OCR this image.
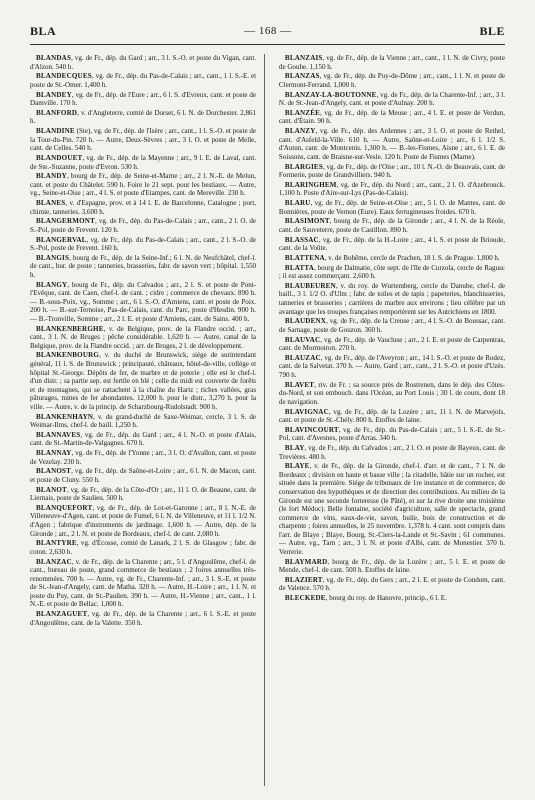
BLA	— 168 —	BLE

BLANDAS, vg. de Fr., dép. du Gard ; arr., 3 l. S.-O. et poste du Vigan, cant. d'Alzon. 540 h.

BLANDECQUES, vg. de Fr., dép. du Pas-de-Calais ; arr., cant., 1 l. S.-E. et poste de St.-Omer. 1,400 h.

BLANDEY, vg. de Fr., dép. de l'Eure ; arr., 6 l. S. d'Evreux, cant. et poste de Damville. 170 h.

BLANFORD, v. d'Angleterre, comté de Dorset, 6 l. N. de Dorchester. 2,861 h.

BLANDINE (Ste), vg. de Fr., dép. de l'Isère ; arr., cant., 1 l. S.-O. et poste de la Tour-du-Pin. 720 h. — Autre, Deux-Sèvres ; arr., 3 l. O. et poste de Melle, cant. de Celles. 540 h.

BLANDOUET, vg. de Fr., dép. de la Mayenne ; arr., 9 l. E. de Laval, cant. de Ste.-Suzanne, poste d'Evron. 530 h.

BLANDY, bourg de Fr., dép. de Seine-et-Marne ; arr., 2 l. N.-E. de Melun, cant. et poste du Châtelet. 590 h. Foire le 21 sept. pour les bestiaux. — Autre, vg., Seine-et-Oise ; arr., 4 l. S. et poste d'Etampes, cant. de Mereville. 230 h.

BLANES, v. d'Espagne, prov. et à 14 l. E. de Barcelonne, Catalogne ; port, chimie, tanneries. 3,600 h.

BLANGERMONT, vg. de Fr., dép. du Pas-de-Calais ; arr., cant., 2 l. O. de S.-Pol, poste de Frevent. 120 h.

BLANGERVAL, vg. de Fr., dép. du Pas-de-Calais ; arr., cant., 2 l. S.-O. de S.-Pol, poste de Frevent. 160 h.

BLANGIS, bourg de Fr., dép. de la Seine-Inf.; 6 l. N. de Neufchâtel, chef-l. de cant., bur. de poste ; tanneries, brasseries, fabr. de savon vert ; hôpital. 1,550 h.

BLANGY, bourg de Fr., dép. du Calvados ; arr., 2 l. S. et poste de Pont-l'Evêque, cant. de Caen, chef-l. de cant. ; cidre ; commerce de chevaux. 890 h. — B.-sous-Poix, vg., Somme ; arr., 6 l. S.-O. d'Amiens, cant. et poste de Poix. 200 h. — B.-sur-Ternoise, Pas-de-Calais, cant. du Parc, poste d'Hesdin. 900 h. — B.-Tronville, Somme ; arr., 2 l. E. et poste d'Amiens, cant. de Sains. 400 h.

BLANKENBERGHE, v. de Belgique, prov. de la Flandre occid. ; arr., cant., 3 l. N. de Bruges ; pêche considérable. 1,620 h. — Autre, canal de la Belgique, prov. de la Flandre occid. ; arr. de Bruges, 2 l. de développement.

BLANKENBOURG, v. du duché de Brunswick, siége de surintendant général, 11 l. S. de Brunswick ; principauté, châteaux, hôtel-de-ville, collége et hôpital St.-George. Dépôts de fer, de marbre et de poterie ; elle est le chef-l. d'un distr. ; sa partie sep. est fertile en blé ; celle du midi est couverte de forêts et de montagnes, qui se rattachent à la chaîne du Hartz ; riches vallées, gras pâturages, mines de fer abondantes. 12,000 h. pour le distr., 3,270 h. pour la ville. — Autre, v. de la princip. de Scharzbourg-Rudolstadt. 900 h.

BLANKENHAYN, v. du grand-duché de Saxe-Weimar, cercle, 3 l. S. de Weimar-Ilms, chef-l. de baill. 1,250 h.

BLANNAVES, vg. de Fr., dép. du Gard ; arr., 4 l. N.-O. et poste d'Alais, cant. de St.-Martin-de-Valgagnes. 670 h.

BLANNAY, vg. de Fr., dép. de l'Yonne ; arr., 3 l. O. d'Avallon, cant. et poste de Vezelay. 230 h.

BLANOST, vg. de Fr., dép. de Saône-et-Loire ; arr., 6 l. N. de Macon, cant. et poste de Cluny. 550 h.

BLANOT, vg. de Fr., dép. de la Côte-d'Or ; arr., 11 l. O. de Beaune, cant. de Liernais, poste de Saulieu. 500 h.

BLANQUEFORT, vg. de Fr., dép. de Lot-et-Garonne ; arr., 8 l. N.-E. de Villeneuve-d'Agen, cant. et poste de Fumel, 6 l. N. de Villeneuve, et 11 l. 1/2 N. d'Agen ; fabrique d'instruments de jardinage. 1,600 h. — Autre, dép. de la Gironde ; arr., 2 l. N. et poste de Bordeaux, chef-l. de cant. 2,080 h.

BLANTYRE, vg. d'Écosse, comté de Lanark, 2 l. S. de Glasgow ; fabr. de coton. 2,630 h.

BLANZAC, v. de Fr., dép. de la Charente ; arr., 5 l. d'Angoulême, chef-l. de cant., bureau de poste, grand commerce de bestiaux ; 2 foires annuelles très-renommées. 700 h. — Autre, vg. de Fr., Charente-Inf. ; arr., 3 l. S.-E. et poste de St.-Jean-d'Angely, cant. de Matha. 320 h. — Autre, H.-Loire ; arr., 1 l. N. et poste du Puy, cant. de St.-Paulien. 390 h. — Autre, H.-Vienne ; arr., cant., 1 l. N.-E. et poste de Bellac. 1,000 h.

BLANZAGUET, vg. de Fr., dép. de la Charente ; arr., 6 l. S.-E. et poste d'Angoulême, cant. de la Valette. 350 h.

BLANZAIS, vg. de Fr., dép. de la Vienne ; arr., cant., 1 l. N. de Civry, poste de Gouhe. 1,150 h.

BLANZAS, vg. de Fr., dép. du Puy-de-Dôme ; arr., cant., 1 l. N. et poste de Clermont-Ferrand. 1,000 h.

BLANZAY-LA-BOUTONNE, vg. de Fr., dép. de la Charente-Inf. ; arr., 3 l. N. de St.-Jean-d'Angely, cant. et poste d'Aulnay. 200 h.

BLANZÉE, vg. de Fr., dép. de la Meuse ; arr., 4 l. E. et poste de Verdun, cant. d'Étain. 90 h.

BLANZY, vg. de Fr., dép. des Ardennes ; arr., 3 l. O. et poste de Rethel, cant. d'Asfeld-la-Ville. 610 h. — Autre, Saône-et-Loire ; arr., 6 l. 1/2 S. d'Autun, cant. de Montcenis. 1,300 h. — B.-les-Fismes, Aisne ; arr., 6 l. E. de Soissons, cant. de Braisne-sur-Vesle. 120 h. Poste de Fismes (Marne).

BLARGIES, vg. de Fr., dép. de l'Oise ; arr., 10 l. N.-O. de Beauvais, cant. de Formerie, poste de Grandvilliers. 940 h.

BLARINGHEM, vg. de Fr., dép. du Nord ; arr., cant., 2 l. O. d'Azebrouck. 1,100 h. Poste d'Aire-sur-Lys (Pas-de-Calais).

BLARU, vg. de Fr., dép. de Seine-et-Oise ; arr., 5 l. O. de Mantes, cant. de Bonnières, poste de Vernon (Eure). Eaux ferrugineuses froides. 670 h.

BLASIMONT, bourg de Fr., dép. de la Gironde ; arr., 4 l. N. de la Réole, cant. de Sauveterre, poste de Castillon. 890 h.

BLASSAC, vg. de Fr., dép. de la H.-Loire ; arr., 4 l. S. et poste de Brioude, cant. de la Voûte.

BLATTENA, v. de Bohême, cercle de Prachen, 18 l. S. de Prague. 1,800 h.

BLATTA, bourg de Dalmatie, côte sept. de l'île de Curzola, cercle de Ragusc ; il est assez commerçant. 2,600 h.

BLAUBEUREN, v. du roy. de Wurtemberg, cercle du Danube, chef-l. de baill., 3 l. 1/2 O. d'Ulm ; fabr. de toiles et de tapis ; papeteries, blanchisseries, tanneries et brasseries ; carrières de marbre aux environs ; lieu célèbre par un avantage que les troupes françaises remportèrent sur les Autrichiens en 1800.

BLAUDENX, vg. de Fr., dép. de la Creuse ; arr., 4 l. S.-O. de Boussac, cant. de Sarnage, poste de Gouzon. 360 h.

BLAUVAC, vg. de Fr., dép. de Vaucluse ; arr., 2 l. E. et poste de Carpentras, cant. de Mormoiron. 270 h.

BLAUZAC, vg. de Fr., dép. de l'Aveyron ; arr., 14 l. S.-O. et poste de Rodez, cant. de la Salvetat. 370 h. — Autre, Gard ; arr., cant., 2 l. S.-O. et poste d'Uzès. 790 h.

BLAVET, riv. de Fr. ; sa source près de Rostrenen, dans le dép. des Côtes-du-Nord, et son embouch. dans l'Océan, au Port Louis ; 30 l. de cours, dont 18 de navigation.

BLAVIGNAC, vg. de Fr., dép. de la Lozère ; arr., 11 l. N. de Marvejols, cant. et poste de St.-Chély. 800 h. Etoffes de laine.

BLAVINCOURT, vg. de Fr., dép. du Pas-de-Calais ; arr., 5 l. S.-E. de St.-Pol, cant. d'Avesnes, poste d'Arras. 340 h.

BLAY, vg. de Fr., dép. du Calvados ; arr., 2 l. O. et poste de Bayeux, cant. de Trevières. 480 h.

BLAYE, v. de Fr., dép. de la Gironde, chef-l. d'arr. et de cant., 7 l. N. de Bordeaux ; division en haute et basse ville ; la citadelle, bâtie sur un rocher, est située dans la première. Siége de tribunaux de 1re instance et de commerce, de conservation des hypothèques et de direction des contributions. Au milieu de la Gironde est une seconde forteresse (le Pâté), et sur la rive droite une troisième (le fort Médoc). Belle fontaine, société d'agriculture, salle de spectacle, grand commerce de vins, eaux-de-vie, savon, huile, bois de construction et de charpente ; foires annuelles, le 25 novembre. 1,378 h. 4 cant. sont compris dans l'arr. de Blaye ; Blaye, Bourg, St.-Ciers-la-Lande et St.-Savin ; 61 communes. — Autre, vg., Tarn ; arr., 3 l. N. et poste d'Albi, cant. de Monestier. 370 h. Verrerie.

BLAYMARD, bourg de Fr., dép. de la Lozère ; arr., 5 l. E. et poste de Mende, chef-l. de cant. 500 h. Etoffes de laine.

BLAZIERT, vg. de Fr., dép. du Gers ; arr., 2 l. E. et poste de Condom, cant. de Valence. 570 h.

BLECKEDE, bourg du roy. de Hanovre, princip., 6 l. E.
